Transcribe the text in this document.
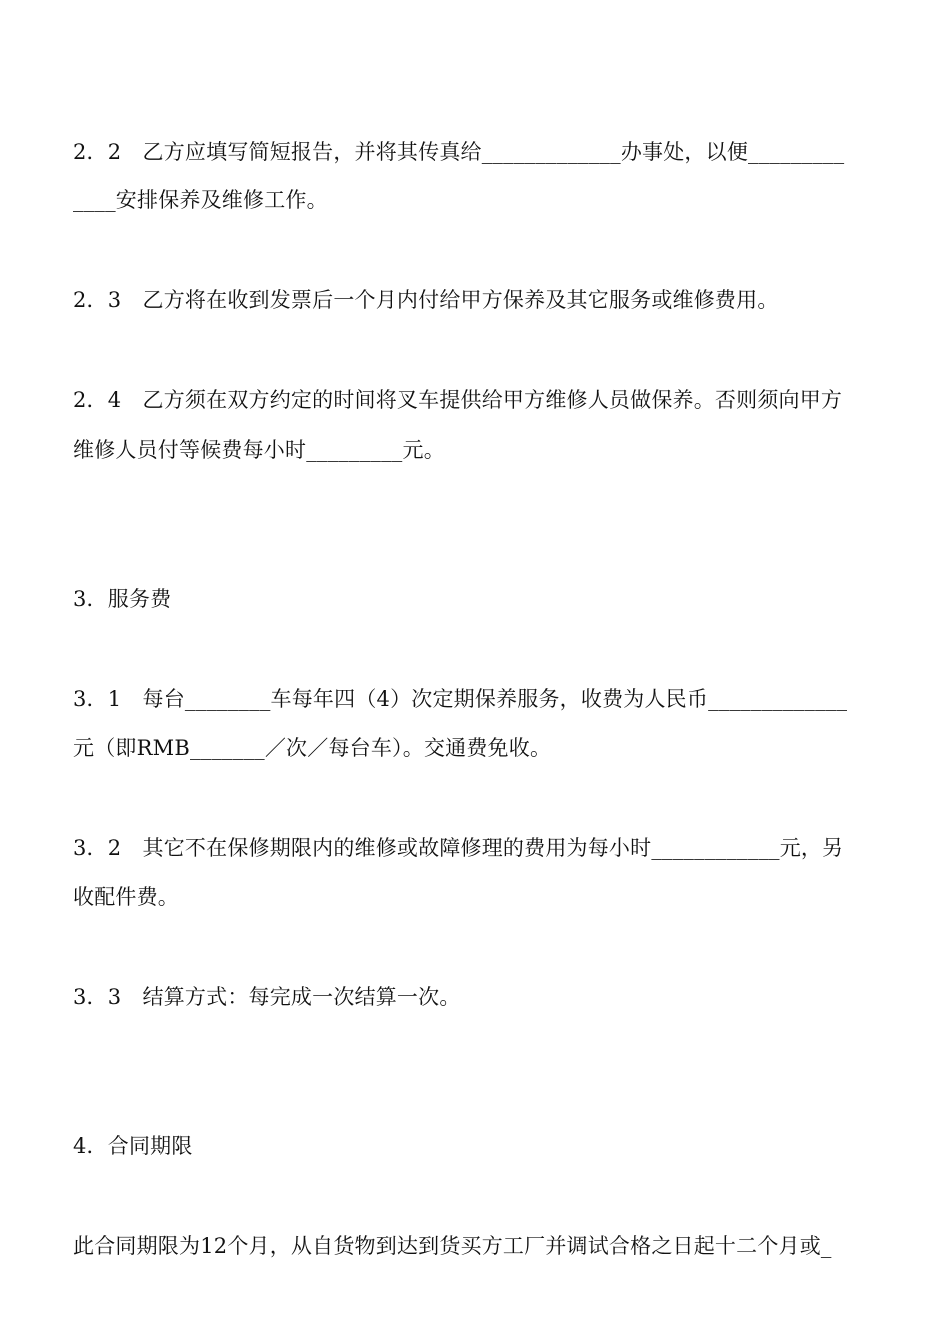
2．2　乙方应填写简短报告，并将其传真给_____________办事处，以便_________
____安排保养及维修工作。
2．3　乙方将在收到发票后一个月内付给甲方保养及其它服务或维修费用。
2．4　乙方须在双方约定的时间将叉车提供给甲方维修人员做保养。否则须向甲方
维修人员付等候费每小时_________元。
3．服务费
3．1　每台________车每年四（4）次定期保养服务，收费为人民币_____________
元（即RMB_______／次／每台车）。交通费免收。
3．2　其它不在保修期限内的维修或故障修理的费用为每小时____________元，另
收配件费。
3．3　结算方式：每完成一次结算一次。
4．合同期限
此合同期限为12个月，从自货物到达到货买方工厂并调试合格之日起十二个月或_
